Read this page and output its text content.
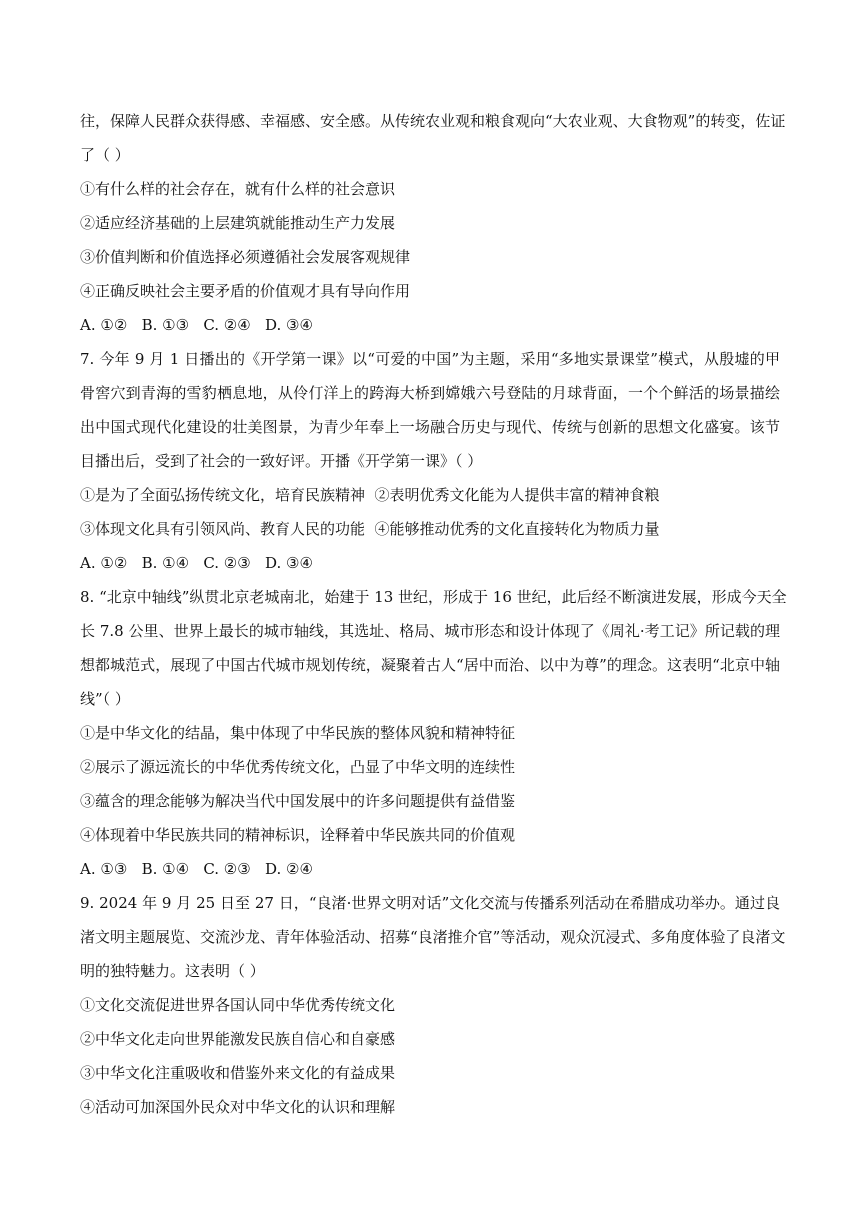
往，保障人民群众获得感、幸福感、安全感。从传统农业观和粮食观向“大农业观、大食物观”的转变，佐证
了（ ）
①有什么样的社会存在，就有什么样的社会意识
②适应经济基础的上层建筑就能推动生产力发展
③价值判断和价值选择必须遵循社会发展客观规律
④正确反映社会主要矛盾的价值观才具有导向作用
A. ①②   B. ①③   C. ②④   D. ③④
7. 今年 9 月 1 日播出的《开学第一课》以“可爱的中国”为主题，采用“多地实景课堂”模式，从殷墟的甲
骨窖穴到青海的雪豹栖息地，从伶仃洋上的跨海大桥到嫦娥六号登陆的月球背面，一个个鲜活的场景描绘
出中国式现代化建设的壮美图景，为青少年奉上一场融合历史与现代、传统与创新的思想文化盛宴。该节
目播出后，受到了社会的一致好评。开播《开学第一课》（ ）
①是为了全面弘扬传统文化，培育民族精神  ②表明优秀文化能为人提供丰富的精神食粮
③体现文化具有引领风尚、教育人民的功能  ④能够推动优秀的文化直接转化为物质力量
A. ①②   B. ①④   C. ②③   D. ③④
8. “北京中轴线”纵贯北京老城南北，始建于 13 世纪，形成于 16 世纪，此后经不断演进发展，形成今天全
长 7.8 公里、世界上最长的城市轴线，其选址、格局、城市形态和设计体现了《周礼·考工记》所记载的理
想都城范式，展现了中国古代城市规划传统，凝聚着古人“居中而治、以中为尊”的理念。这表明“北京中轴
线”（ ）
①是中华文化的结晶，集中体现了中华民族的整体风貌和精神特征
②展示了源远流长的中华优秀传统文化，凸显了中华文明的连续性
③蕴含的理念能够为解决当代中国发展中的许多问题提供有益借鉴
④体现着中华民族共同的精神标识，诠释着中华民族共同的价值观
A. ①③   B. ①④   C. ②③   D. ②④
9. 2024 年 9 月 25 日至 27 日，“良渚·世界文明对话”文化交流与传播系列活动在希腊成功举办。通过良
渚文明主题展览、交流沙龙、青年体验活动、招募“良渚推介官”等活动，观众沉浸式、多角度体验了良渚文
明的独特魅力。这表明（ ）
①文化交流促进世界各国认同中华优秀传统文化
②中华文化走向世界能激发民族自信心和自豪感
③中华文化注重吸收和借鉴外来文化的有益成果
④活动可加深国外民众对中华文化的认识和理解
